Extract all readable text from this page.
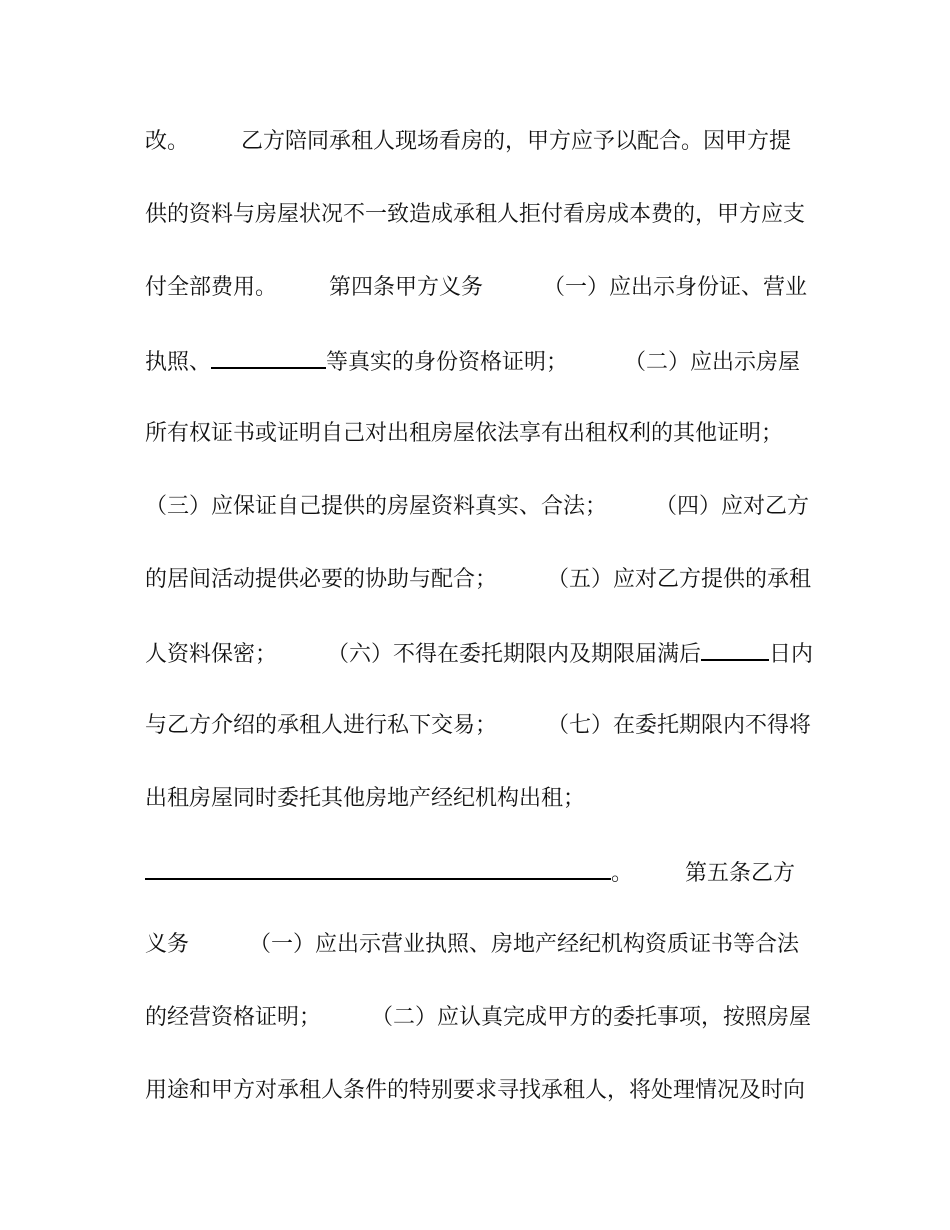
改。 乙方陪同承租人现场看房的，甲方应予以配合。因甲方提
供的资料与房屋状况不一致造成承租人拒付看房成本费的，甲方应支
付全部费用。 第四条甲方义务	（一）应出示身份证、营业
执照、	等真实的身份资格证明；	（二）应出示房屋
所有权证书或证明自己对出租房屋依法享有出租权利的其他证明；
（三）应保证自己提供的房屋资料真实、合法； （四）应对乙方
的居间活动提供必要的协助与配合； （五）应对乙方提供的承租
人资料保密； （六）不得在委托期限内及期限届满后	日内
与乙方介绍的承租人进行私下交易； （七）在委托期限内不得将
出租房屋同时委托其他房地产经纪机构出租；
。 第五条乙方
义务	（一）应出示营业执照、房地产经纪机构资质证书等合法
的经营资格证明； （二）应认真完成甲方的委托事项，按照房屋
用途和甲方对承租人条件的特别要求寻找承租人，将处理情况及时向
